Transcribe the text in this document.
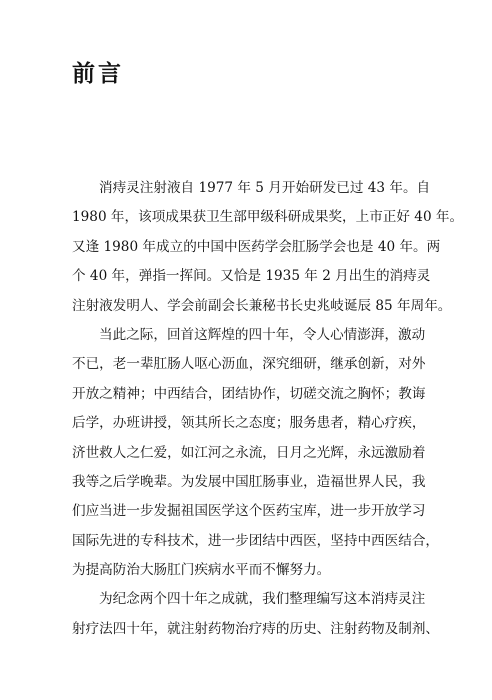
前言
消痔灵注射液自 1977 年 5 月开始研发已过 43 年。自
1980 年，该项成果获卫生部甲级科研成果奖，上市正好 40 年。
又逢 1980 年成立的中国中医药学会肛肠学会也是 40 年。两
个 40 年，弹指一挥间。又恰是 1935 年 2 月出生的消痔灵
注射液发明人、学会前副会长兼秘书长史兆岐诞辰 85 年周年。
当此之际，回首这辉煌的四十年，令人心情澎湃，激动
不已，老一辈肛肠人呕心沥血，深究细研，继承创新，对外
开放之精神；中西结合，团结协作，切磋交流之胸怀；教诲
后学，办班讲授，领其所长之态度；服务患者，精心疗疾，
济世救人之仁爱，如江河之永流，日月之光辉，永远激励着
我等之后学晚辈。为发展中国肛肠事业，造福世界人民，我
们应当进一步发掘祖国医学这个医药宝库，进一步开放学习
国际先进的专科技术，进一步团结中西医，坚持中西医结合，
为提高防治大肠肛门疾病水平而不懈努力。
为纪念两个四十年之成就，我们整理编写这本消痔灵注
射疗法四十年，就注射药物治疗痔的历史、注射药物及制剂、
